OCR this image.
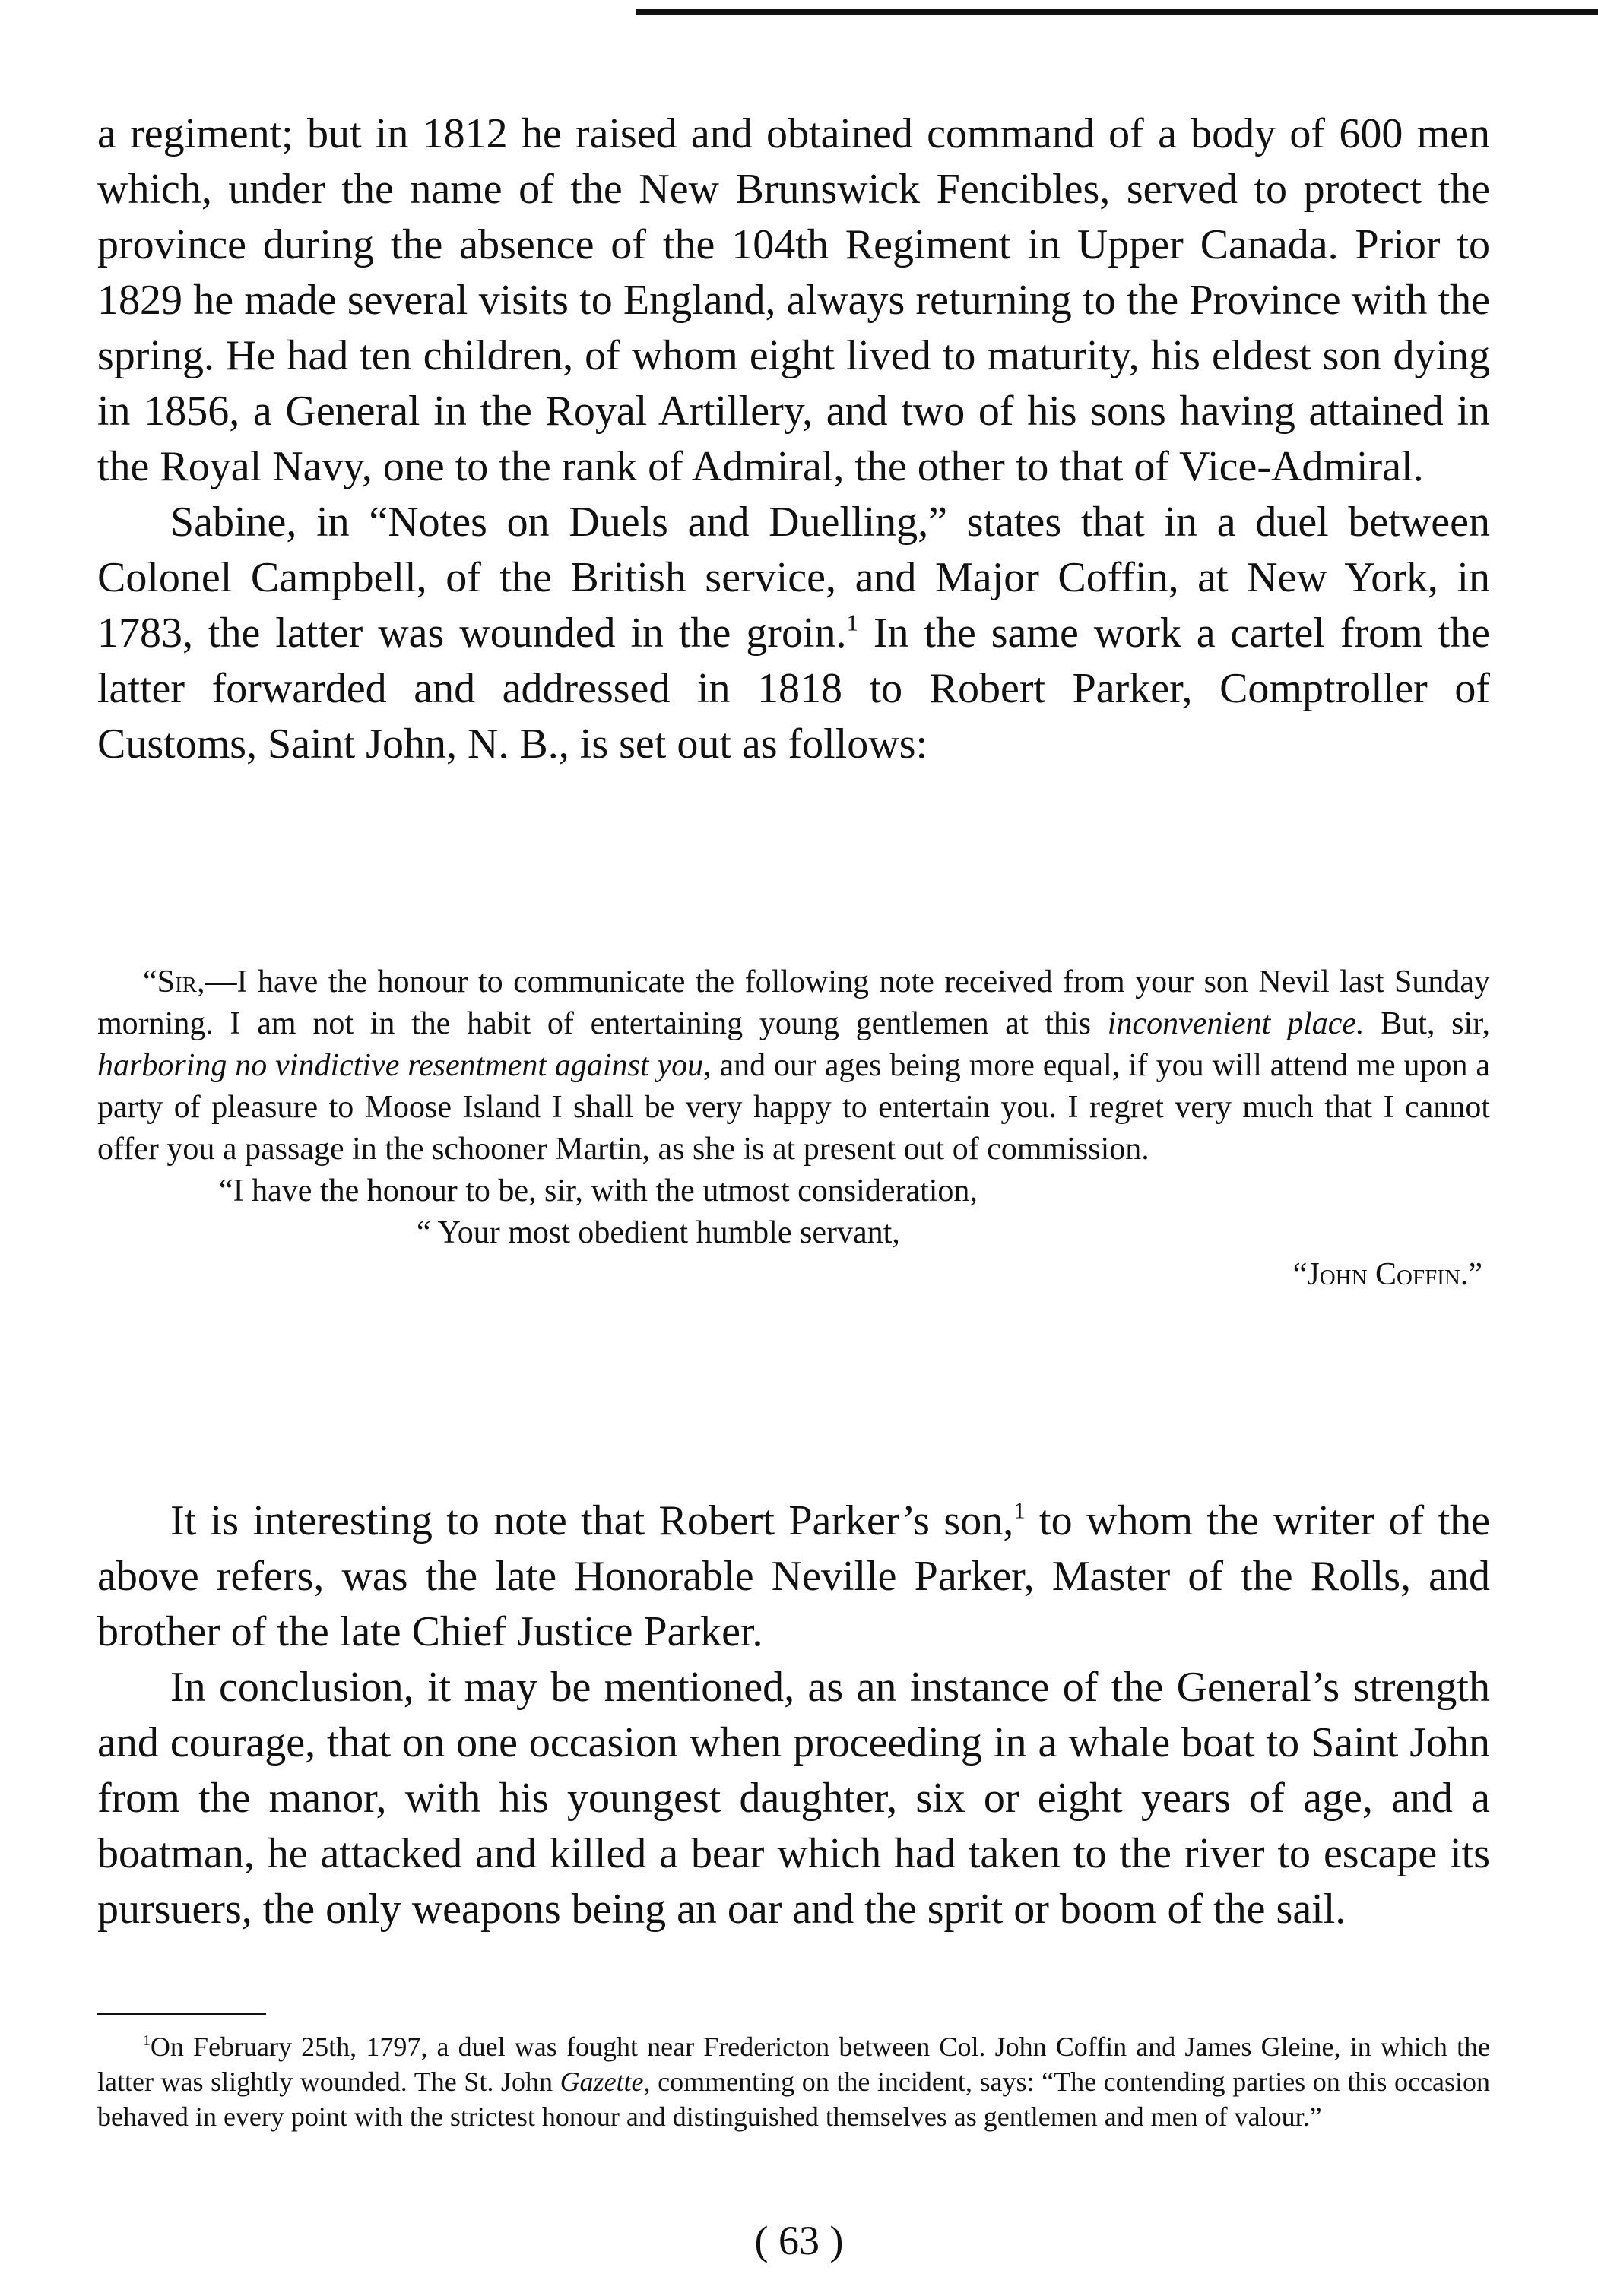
a regiment; but in 1812 he raised and obtained command of a body of 600 men which, under the name of the New Brunswick Fencibles, served to protect the province during the absence of the 104th Regiment in Upper Canada. Prior to 1829 he made several visits to England, always returning to the Province with the spring. He had ten children, of whom eight lived to maturity, his eldest son dying in 1856, a General in the Royal Artillery, and two of his sons having attained in the Royal Navy, one to the rank of Admiral, the other to that of Vice-Admiral.

Sabine, in “Notes on Duels and Duelling,” states that in a duel between Colonel Campbell, of the British service, and Major Coffin, at New York, in 1783, the latter was wounded in the groin.$^1$ In the same work a cartel from the latter forwarded and addressed in 1818 to Robert Parker, Comptroller of Customs, Saint John, N. B., is set out as follows:

“Sir,—I have the honour to communicate the following note received from your son Nevil last Sunday morning. I am not in the habit of entertaining young gentlemen at this inconvenient place. But, sir, harboring no vindictive resentment against you, and our ages being more equal, if you will attend me upon a party of pleasure to Moose Island I shall be very happy to entertain you. I regret very much that I cannot offer you a passage in the schooner Martin, as she is at present out of commission.

“I have the honour to be, sir, with the utmost consideration,

“ Your most obedient humble servant,

“John Coffin.”

It is interesting to note that Robert Parker’s son,$^1$ to whom the writer of the above refers, was the late Honorable Neville Parker, Master of the Rolls, and brother of the late Chief Justice Parker.

In conclusion, it may be mentioned, as an instance of the General’s strength and courage, that on one occasion when proceeding in a whale boat to Saint John from the manor, with his youngest daughter, six or eight years of age, and a boatman, he attacked and killed a bear which had taken to the river to escape its pursuers, the only weapons being an oar and the sprit or boom of the sail.

$^1$On February 25th, 1797, a duel was fought near Fredericton between Col. John Coffin and James Gleine, in which the latter was slightly wounded. The St. John Gazette, commenting on the incident, says: “The contending parties on this occasion behaved in every point with the strictest honour and distinguished themselves as gentlemen and men of valour.”

( 63 )
